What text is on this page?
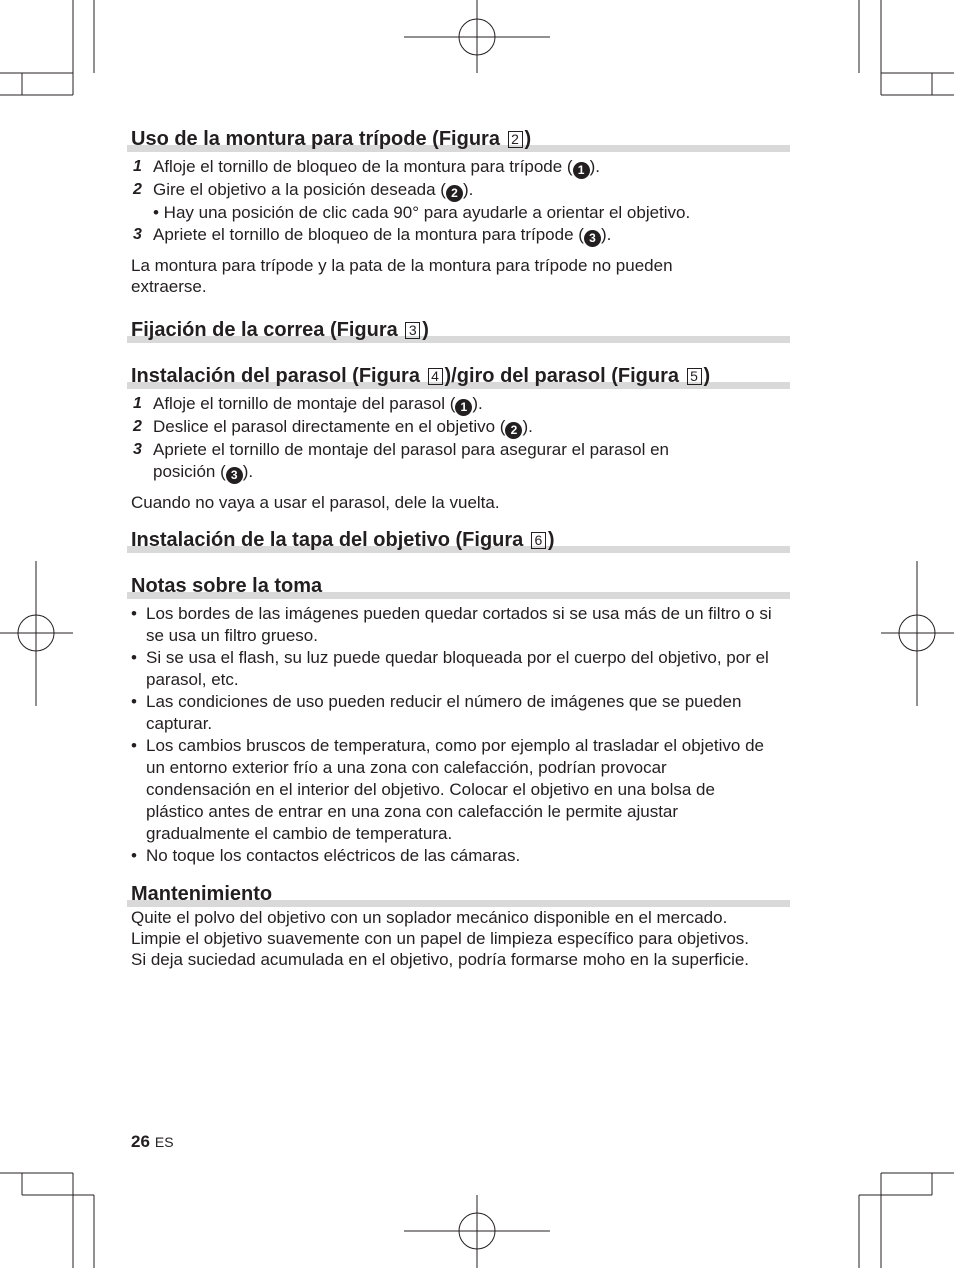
Uso de la montura para trípode (Figura 2 )
1 Afloje el tornillo de bloqueo de la montura para trípode ( 1 ).
2 Gire el objetivo a la posición deseada ( 2 ).
• Hay una posición de clic cada 90° para ayudarle a orientar el objetivo.
3 Apriete el tornillo de bloqueo de la montura para trípode ( 3 ).

La montura para trípode y la pata de la montura para trípode no pueden extraerse.

Fijación de la correa (Figura 3 )
Instalación del parasol (Figura 4 )/giro del parasol (Figura 5 )
1 Afloje el tornillo de montaje del parasol ( 1 ).
2 Deslice el parasol directamente en el objetivo ( 2 ).
3 Apriete el tornillo de montaje del parasol para asegurar el parasol en posición ( 3 ).

Cuando no vaya a usar el parasol, dele la vuelta.

Instalación de la tapa del objetivo (Figura 6 )
Notas sobre la toma
• Los bordes de las imágenes pueden quedar cortados si se usa más de un filtro o si se usa un filtro grueso.
• Si se usa el flash, su luz puede quedar bloqueada por el cuerpo del objetivo, por el parasol, etc.
• Las condiciones de uso pueden reducir el número de imágenes que se pueden capturar.
• Los cambios bruscos de temperatura, como por ejemplo al trasladar el objetivo de un entorno exterior frío a una zona con calefacción, podrían provocar condensación en el interior del objetivo. Colocar el objetivo en una bolsa de plástico antes de entrar en una zona con calefacción le permite ajustar gradualmente el cambio de temperatura.
• No toque los contactos eléctricos de las cámaras.
Mantenimiento
Quite el polvo del objetivo con un soplador mecánico disponible en el mercado.
Limpie el objetivo suavemente con un papel de limpieza específico para objetivos.
Si deja suciedad acumulada en el objetivo, podría formarse moho en la superficie.
26 ES
